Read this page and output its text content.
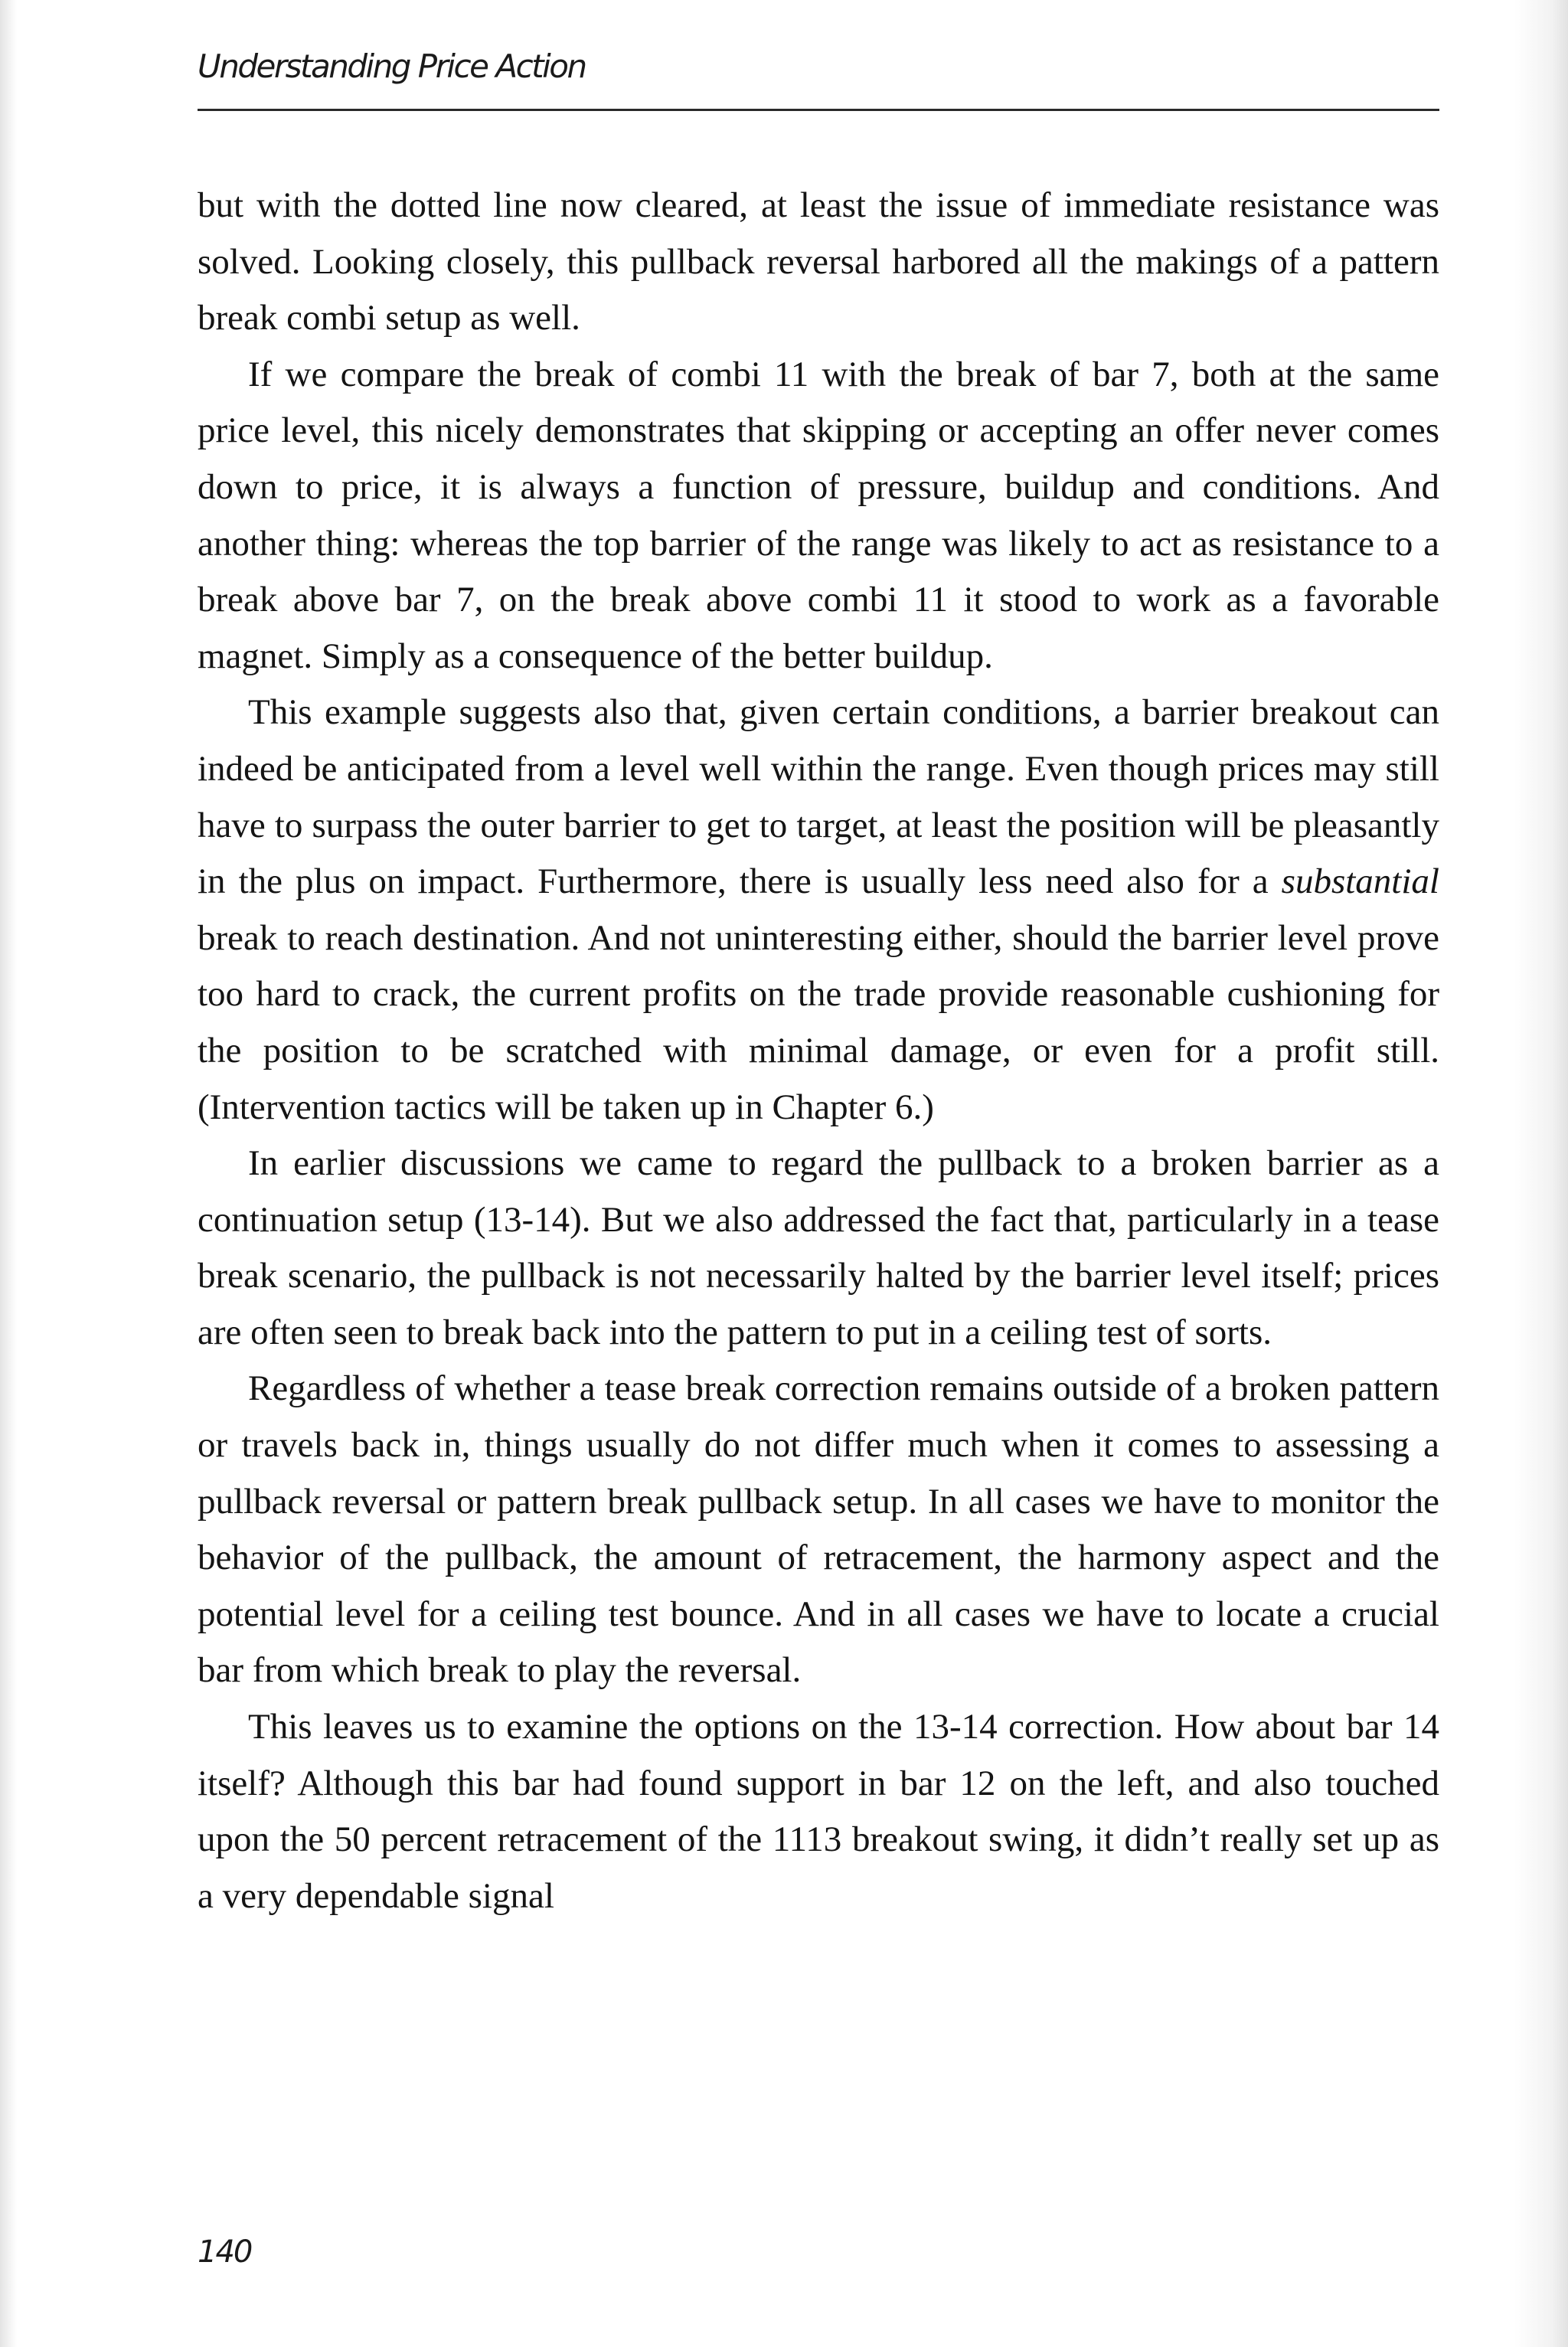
Understanding Price Action

but with the dotted line now cleared, at least the issue of immediate resistance was solved. Looking closely, this pullback reversal harbored all the makings of a pattern break combi setup as well.

If we compare the break of combi 11 with the break of bar 7, both at the same price level, this nicely demonstrates that skipping or accepting an offer never comes down to price, it is always a function of pressure, buildup and conditions. And another thing: whereas the top barrier of the range was likely to act as resistance to a break above bar 7, on the break above combi 11 it stood to work as a favorable magnet. Simply as a consequence of the better buildup.

This example suggests also that, given certain conditions, a barrier breakout can indeed be anticipated from a level well within the range. Even though prices may still have to surpass the outer barrier to get to target, at least the position will be pleasantly in the plus on impact. Furthermore, there is usually less need also for a substantial break to reach destination. And not uninteresting either, should the barrier level prove too hard to crack, the current profits on the trade provide reasonable cushioning for the position to be scratched with minimal damage, or even for a profit still. (Intervention tactics will be taken up in Chapter 6.)

In earlier discussions we came to regard the pullback to a broken barrier as a continuation setup (13-14). But we also addressed the fact that, particularly in a tease break scenario, the pullback is not necessarily halted by the barrier level itself; prices are often seen to break back into the pattern to put in a ceiling test of sorts.

Regardless of whether a tease break correction remains outside of a broken pattern or travels back in, things usually do not differ much when it comes to assessing a pullback reversal or pattern break pullback setup. In all cases we have to monitor the behavior of the pullback, the amount of retracement, the harmony aspect and the potential level for a ceiling test bounce. And in all cases we have to locate a crucial bar from which break to play the reversal.

This leaves us to examine the options on the 13-14 correction. How about bar 14 itself? Although this bar had found support in bar 12 on the left, and also touched upon the 50 percent retracement of the 1113 breakout swing, it didn’t really set up as a very dependable signal

140
